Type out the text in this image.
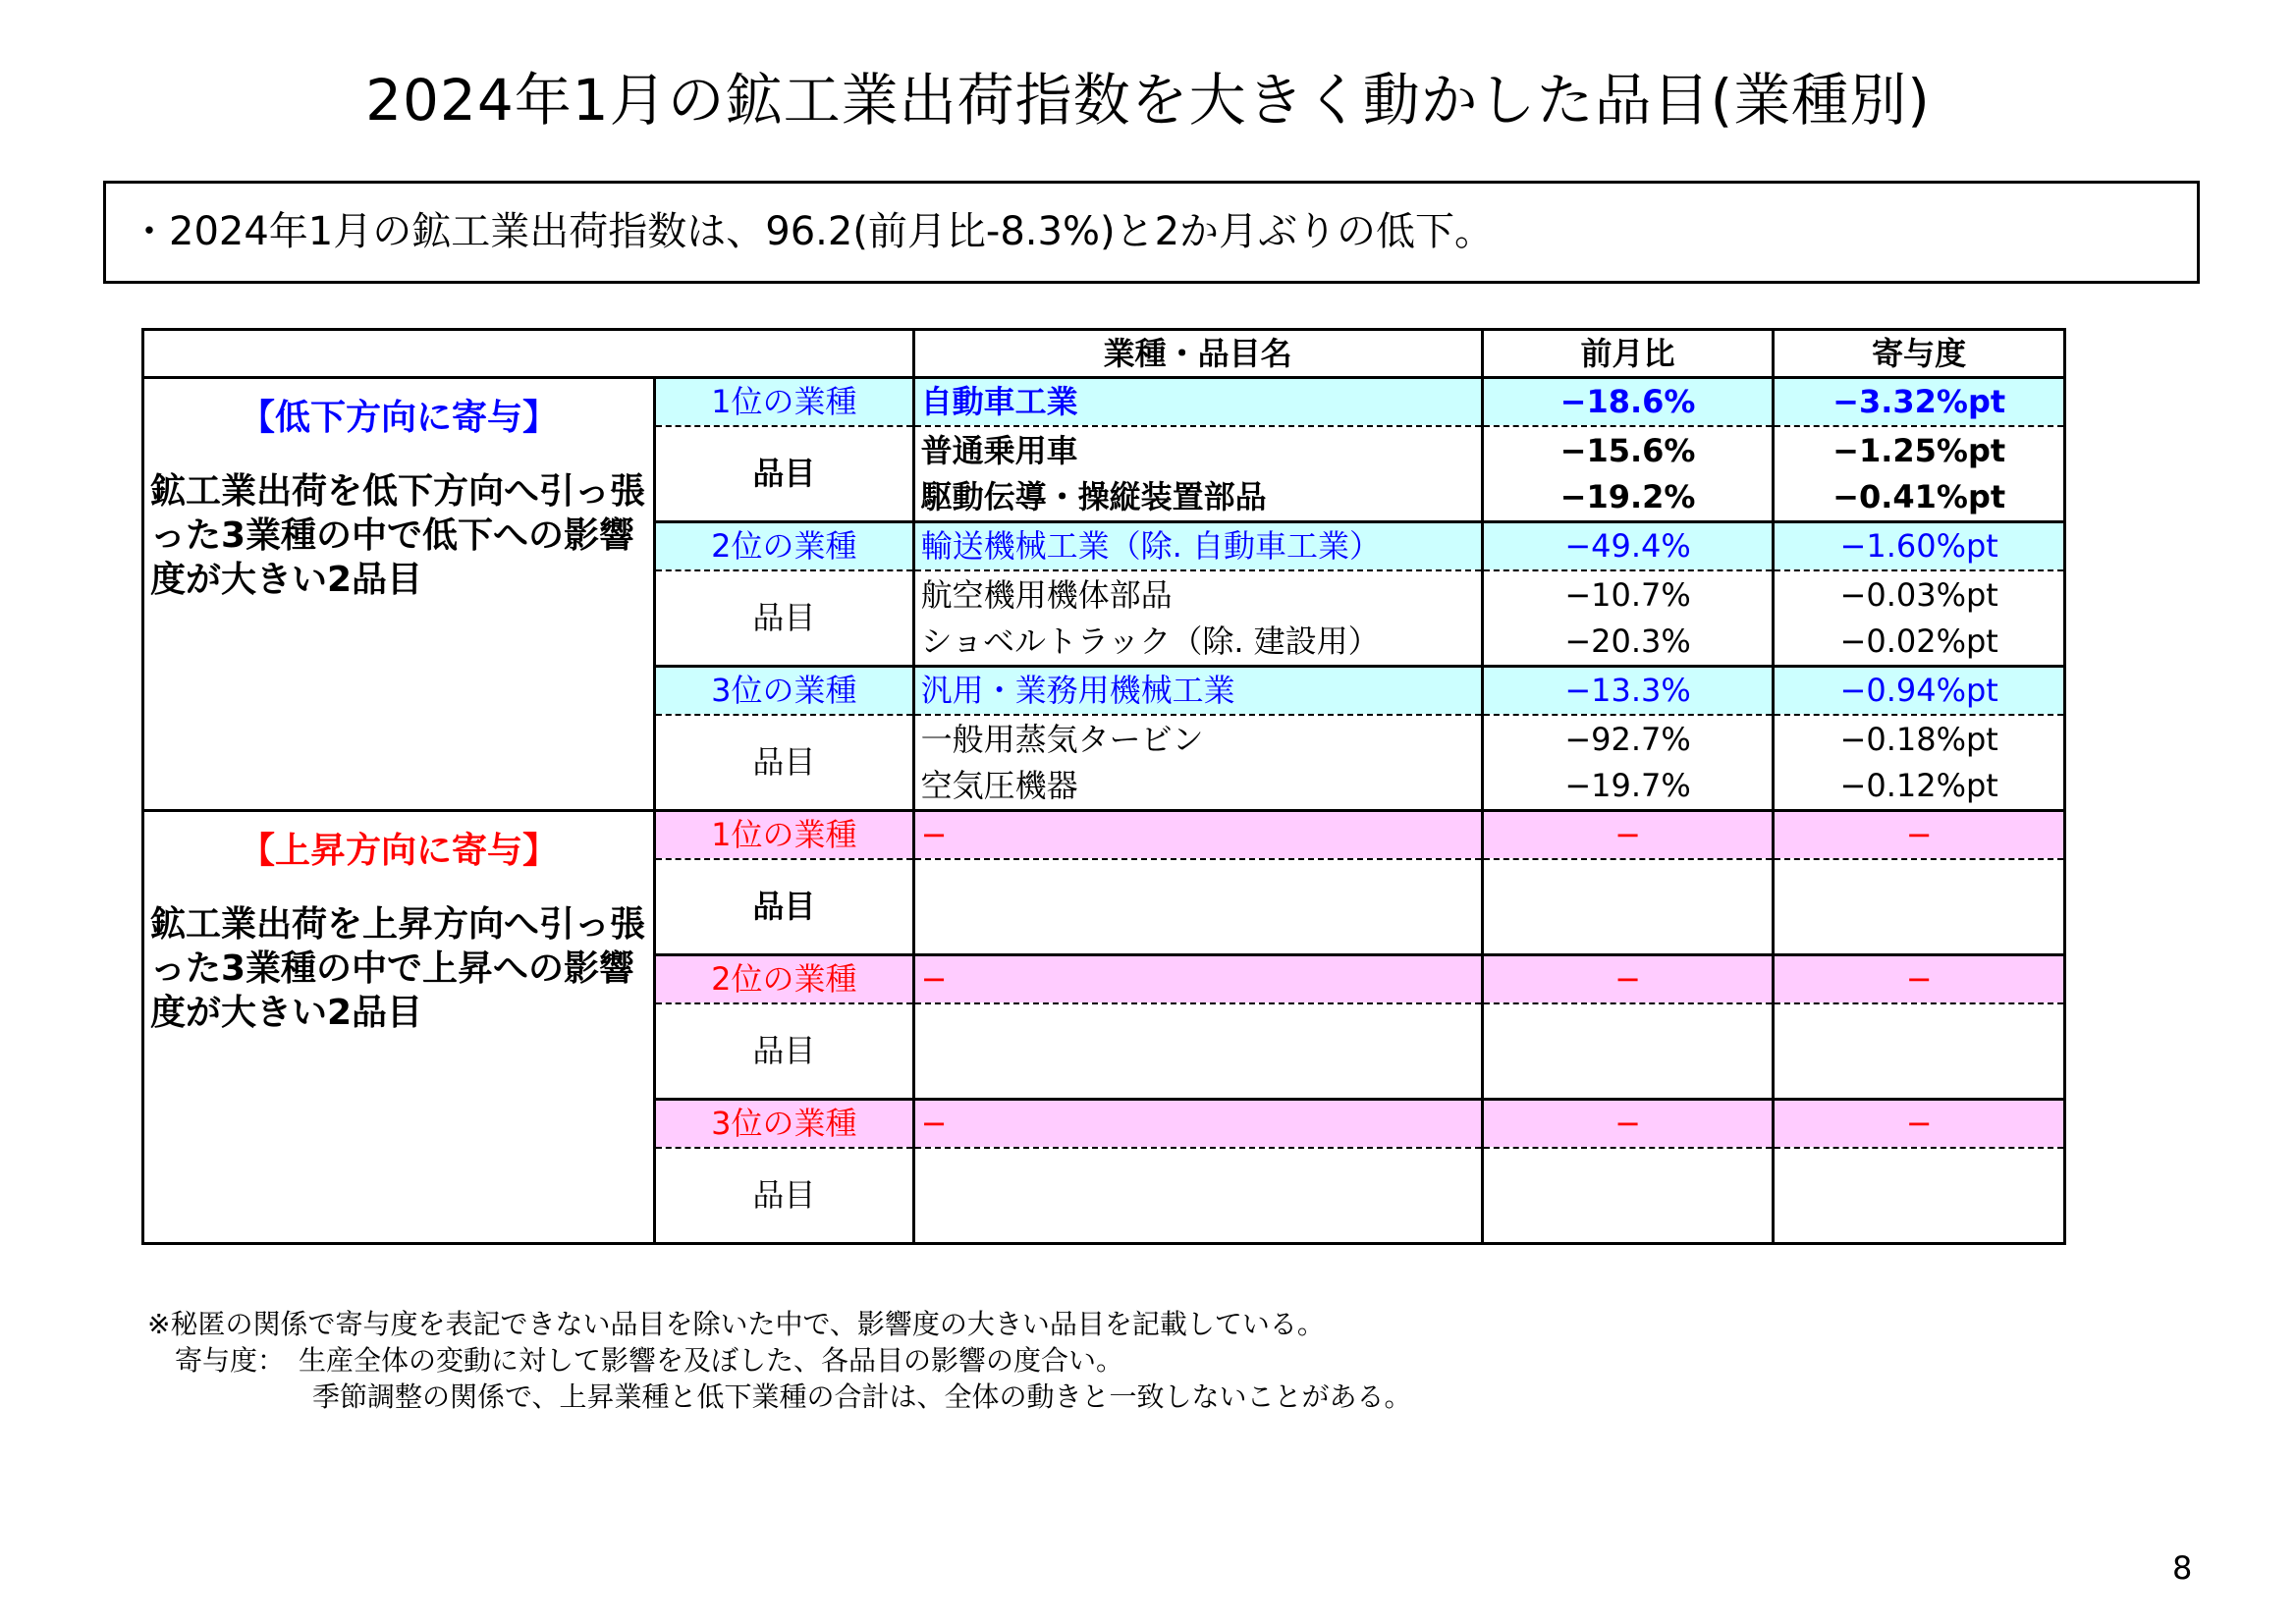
2024年1月の鉱工業出荷指数を大きく動かした品目(業種別)
・2024年1月の鉱工業出荷指数は、96.2(前月比-8.3%)と2か月ぶりの低下。
		業種・品目名	前月比	寄与度

【低下方向に寄与】
鉱工業出荷を低下方向へ引っ張った3業種の中で低下への影響度が大きい2品目	1位の業種	自動車工業	−18.6%	−3.32%pt
	品目	普通乗用車	−15.6%	−1.25%pt
		駆動伝導・操縦装置部品	−19.2%	−0.41%pt
	2位の業種	輸送機械工業（除. 自動車工業）	−49.4%	−1.60%pt
	品目	航空機用機体部品	−10.7%	−0.03%pt
		ショベルトラック（除. 建設用）	−20.3%	−0.02%pt
	3位の業種	汎用・業務用機械工業	−13.3%	−0.94%pt
	品目	一般用蒸気タービン	−92.7%	−0.18%pt
		空気圧機器	−19.7%	−0.12%pt

【上昇方向に寄与】
鉱工業出荷を上昇方向へ引っ張った3業種の中で上昇への影響度が大きい2品目	1位の業種	−	−	−
	品目			

	2位の業種	−	−	−
	品目			

	3位の業種	−	−	−
	品目			

※秘匿の関係で寄与度を表記できない品目を除いた中で、影響度の大きい品目を記載している。
　寄与度：　生産全体の変動に対して影響を及ぼした、各品目の影響の度合い。
　　　　　　季節調整の関係で、上昇業種と低下業種の合計は、全体の動きと一致しないことがある。
8
